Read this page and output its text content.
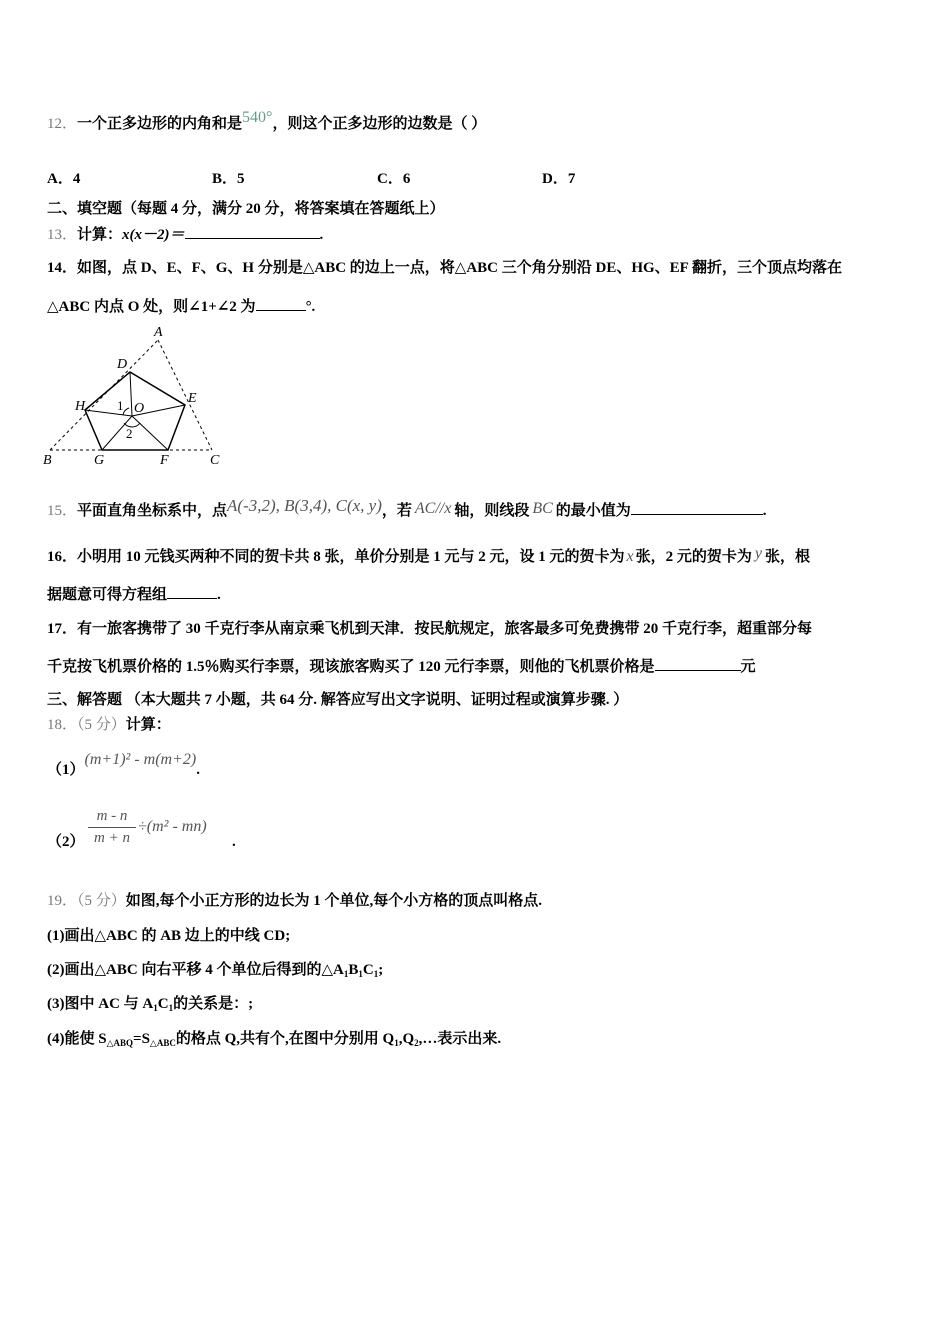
12．一个正多边形的内角和是540°，则这个正多边形的边数是（ ）
A．4	B．5	C．6	D．7
二、填空题（每题 4 分，满分 20 分，将答案填在答题纸上）
13．计算：x(x－2)＝	.
14．如图，点 D、E、F、G、H 分别是△ABC 的边上一点，将△ABC 三个角分别沿 DE、HG、EF 翻折，三个顶点均落在
△ABC 内点 O 处，则∠1+∠2 为	°.
A
D
E
H	O
B	G	F	C
1
2
15．平面直角坐标系中，点A(-3,2), B(3,4), C(x, y)，若 AC//x 轴，则线段 BC 的最小值为	.
16．小明用 10 元钱买两种不同的贺卡共 8 张，单价分别是 1 元与 2 元，设 1 元的贺卡为 x 张，2 元的贺卡为 y 张，根
据题意可得方程组	.
17．有一旅客携带了 30 千克行李从南京乘飞机到天津．按民航规定，旅客最多可免费携带 20 千克行李，超重部分每
千克按飞机票价格的 1.5％购买行李票，现该旅客购买了 120 元行李票，则他的飞机票价格是	元
三、解答题 （本大题共 7 小题，共 64 分. 解答应写出文字说明、证明过程或演算步骤. ）
18．（5 分）计算：
（1）(m+1)² - m(m+2).
（2）
m - n
m + n
÷(m² - mn)
.
19．（5 分）如图,每个小正方形的边长为 1 个单位,每个小方格的顶点叫格点.
(1)画出△ABC 的 AB 边上的中线 CD;
(2)画出△ABC 向右平移 4 个单位后得到的$\triangle A_1B_1C_1$;
(3)图中 AC 与 $A_1C_1$的关系是：;
(4)能使 $S_{\triangle ABQ}=S_{\triangle ABC}$的格点 Q,共有个,在图中分别用 $Q_1,Q_2,\dots$表示出来.
